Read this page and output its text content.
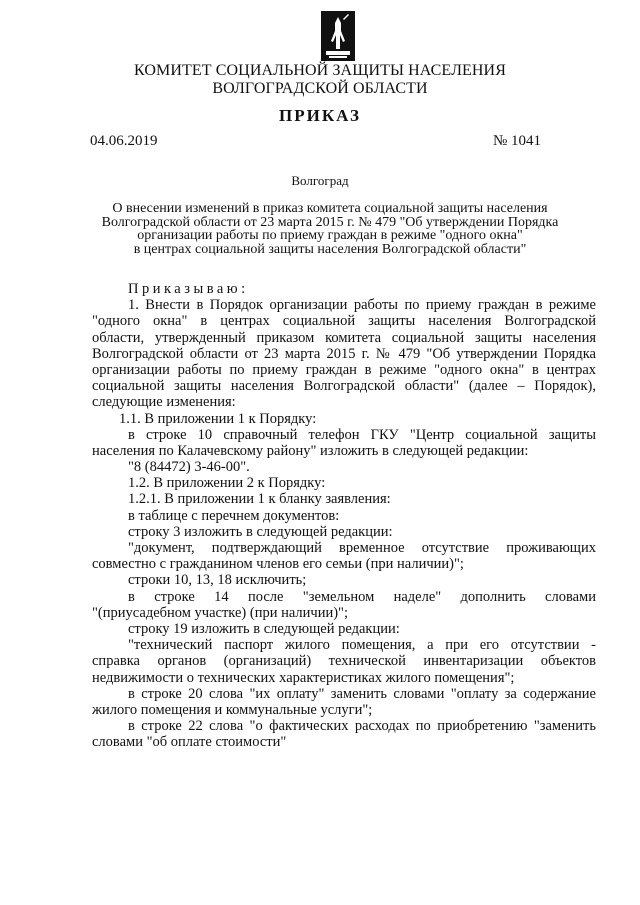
КОМИТЕТ СОЦИАЛЬНОЙ ЗАЩИТЫ НАСЕЛЕНИЯ
ВОЛГОГРАДСКОЙ ОБЛАСТИ
ПРИКАЗ
04.06.2019	№ 1041
Волгоград
О внесении изменений в приказ комитета социальной защиты населения
Волгоградской области от 23 марта 2015 г. № 479 "Об утверждении Порядка
организации работы по приему граждан в режиме "одного окна"
в центрах социальной защиты населения Волгоградской области"
Приказываю:
1. Внести в Порядок организации работы по приему граждан в режиме
"одного окна" в центрах социальной защиты населения Волгоградской
области, утвержденный приказом комитета социальной защиты населения
Волгоградской области от 23 марта 2015 г. № 479 "Об утверждении Порядка
организации работы по приему граждан в режиме "одного окна" в центрах
социальной защиты населения Волгоградской области" (далее – Порядок),
следующие изменения:
1.1. В приложении 1 к Порядку:
в строке 10 справочный телефон ГКУ "Центр социальной защиты
населения по Калачевскому району" изложить в следующей редакции:
"8 (84472) 3-46-00".
1.2. В приложении 2 к Порядку:
1.2.1. В приложении 1 к бланку заявления:
в таблице с перечнем документов:
строку 3 изложить в следующей редакции:
"документ, подтверждающий временное отсутствие проживающих
совместно с гражданином членов его семьи (при наличии)";
строки 10, 13, 18 исключить;
в строке 14 после "земельном наделе" дополнить словами
"(приусадебном участке) (при наличии)";
строку 19 изложить в следующей редакции:
"технический паспорт жилого помещения, а при его отсутствии -
справка органов (организаций) технической инвентаризации объектов
недвижимости о технических характеристиках жилого помещения";
в строке 20 слова "их оплату" заменить словами "оплату за содержание
жилого помещения и коммунальные услуги";
в строке 22 слова "о фактических расходах по приобретению "заменить
словами "об оплате стоимости"
